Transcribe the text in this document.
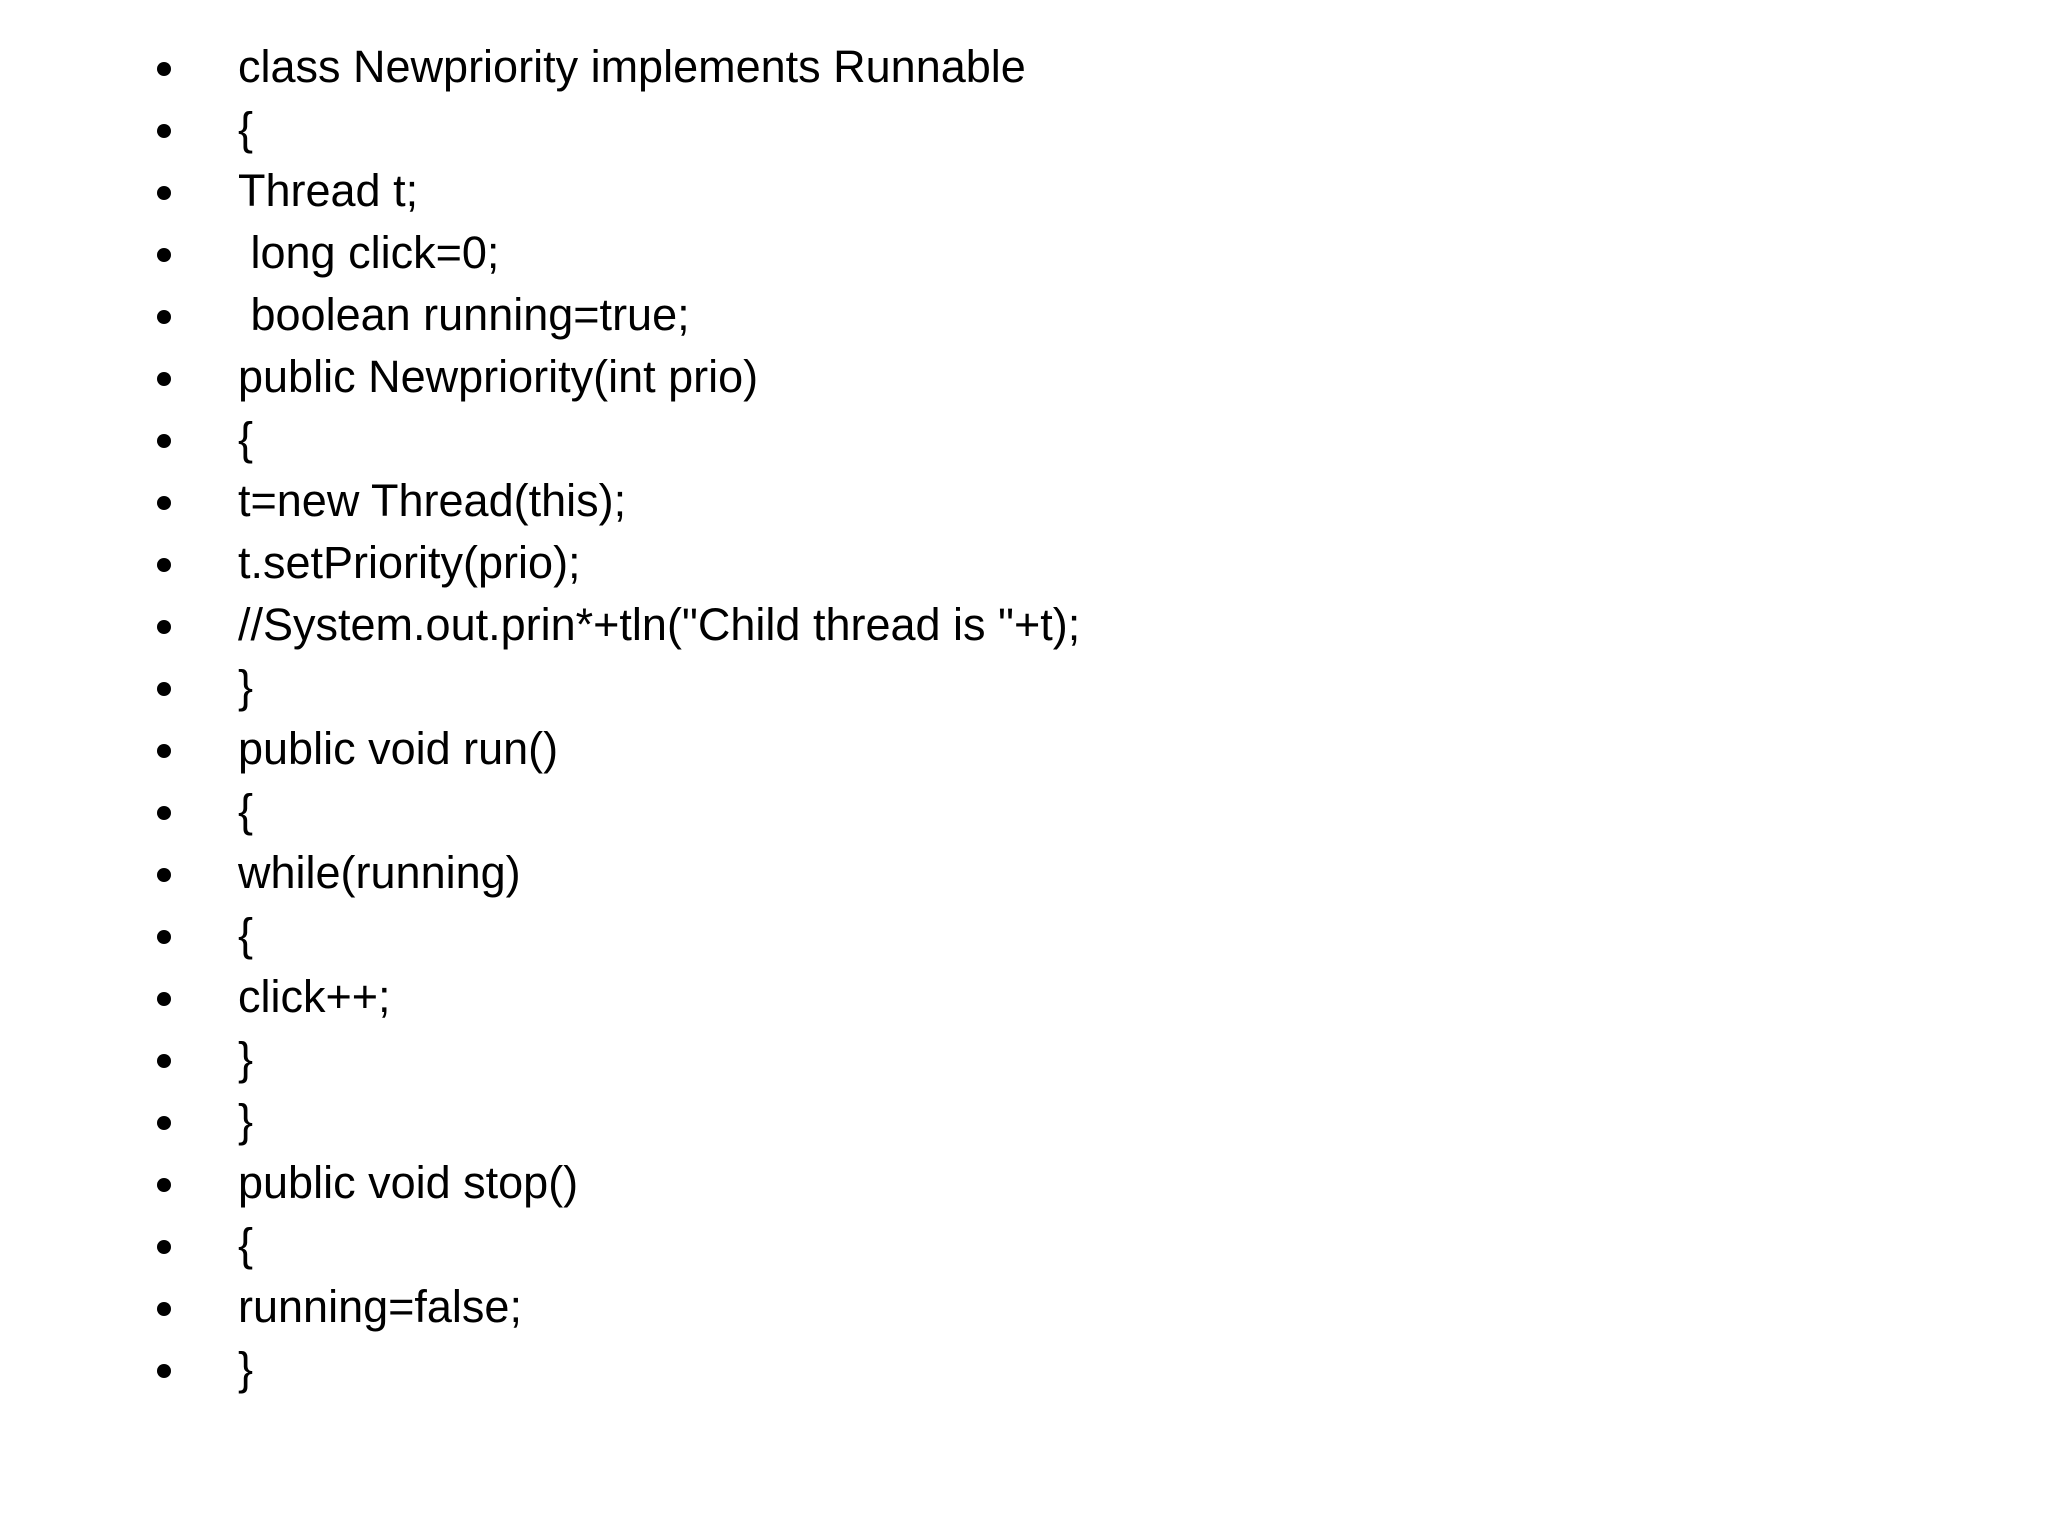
class Newpriority implements Runnable
{
Thread t;
long click=0;
boolean running=true;
public Newpriority(int prio)
{
t=new Thread(this);
t.setPriority(prio);
//System.out.prin*+tln("Child thread is "+t);
}
public void run()
{
while(running)
{
click++;
}
}
public void stop()
{
running=false;
}
